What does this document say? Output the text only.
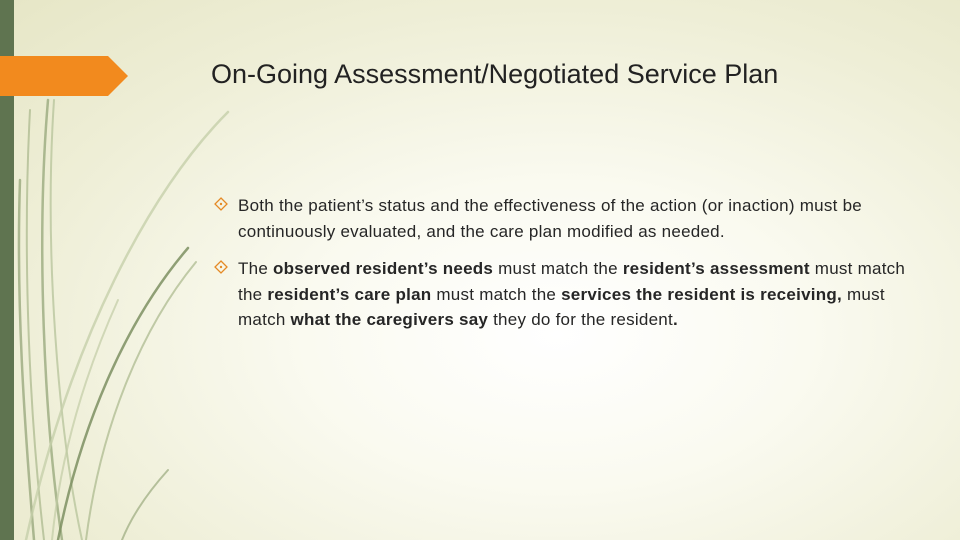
On-Going Assessment/Negotiated Service Plan
Both the patient’s status and the effectiveness of the action (or inaction) must be continuously evaluated, and the care plan modified as needed.
The observed resident’s needs must match the resident’s assessment must match the resident’s care plan must match the services the resident is receiving, must match what the caregivers say they do for the resident.
